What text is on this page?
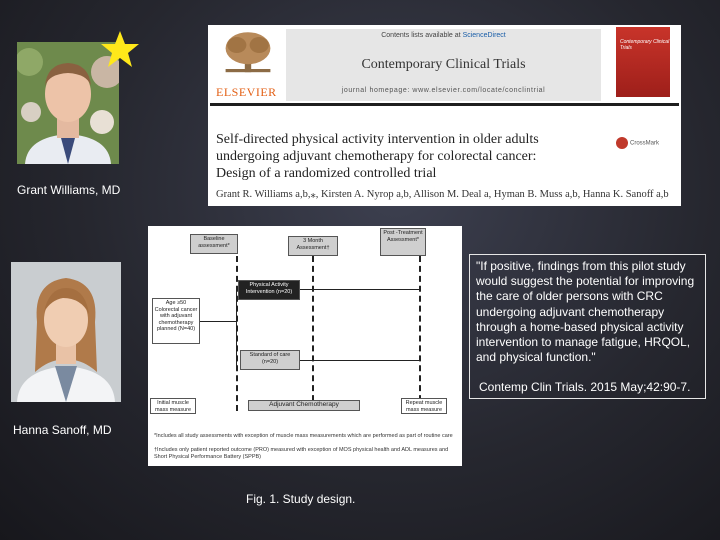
Grant Williams, MD
Hanna Sanoff, MD
ELSEVIER
Contents lists available at ScienceDirect
Contemporary Clinical Trials
journal homepage: www.elsevier.com/locate/conclintrial
Contemporary Clinical Trials
Self-directed physical activity intervention in older adults
undergoing adjuvant chemotherapy for colorectal cancer:
Design of a randomized controlled trial
CrossMark
Grant R. Williams a,b,⁎, Kirsten A. Nyrop a,b, Allison M. Deal a, Hyman B. Muss a,b, Hanna K. Sanoff a,b
Baseline assessment*
3 Month Assessment†
Post -Treatment Assessment*
Age ≥50 Colorectal cancer with adjuvant chemotherapy planned (N=40)
Physical Activity Intervention (n=20)
Standard of care (n=20)
Initial muscle mass measure
Adjuvant Chemotherapy	Repeat muscle mass measure
*Includes all study assessments with exception of muscle mass measurements which are performed as part of routine care
†Includes only patient reported outcome (PRO) measured with exception of MOS physical health and ADL measures and Short Physical Performance Battery (SPPB)
Fig. 1. Study design.
"If positive, findings from this pilot study would suggest the potential for improving the care of older persons with CRC undergoing adjuvant chemotherapy through a home-based physical activity intervention to manage fatigue, HRQOL, and physical function."
Contemp Clin Trials. 2015 May;42:90-7.
